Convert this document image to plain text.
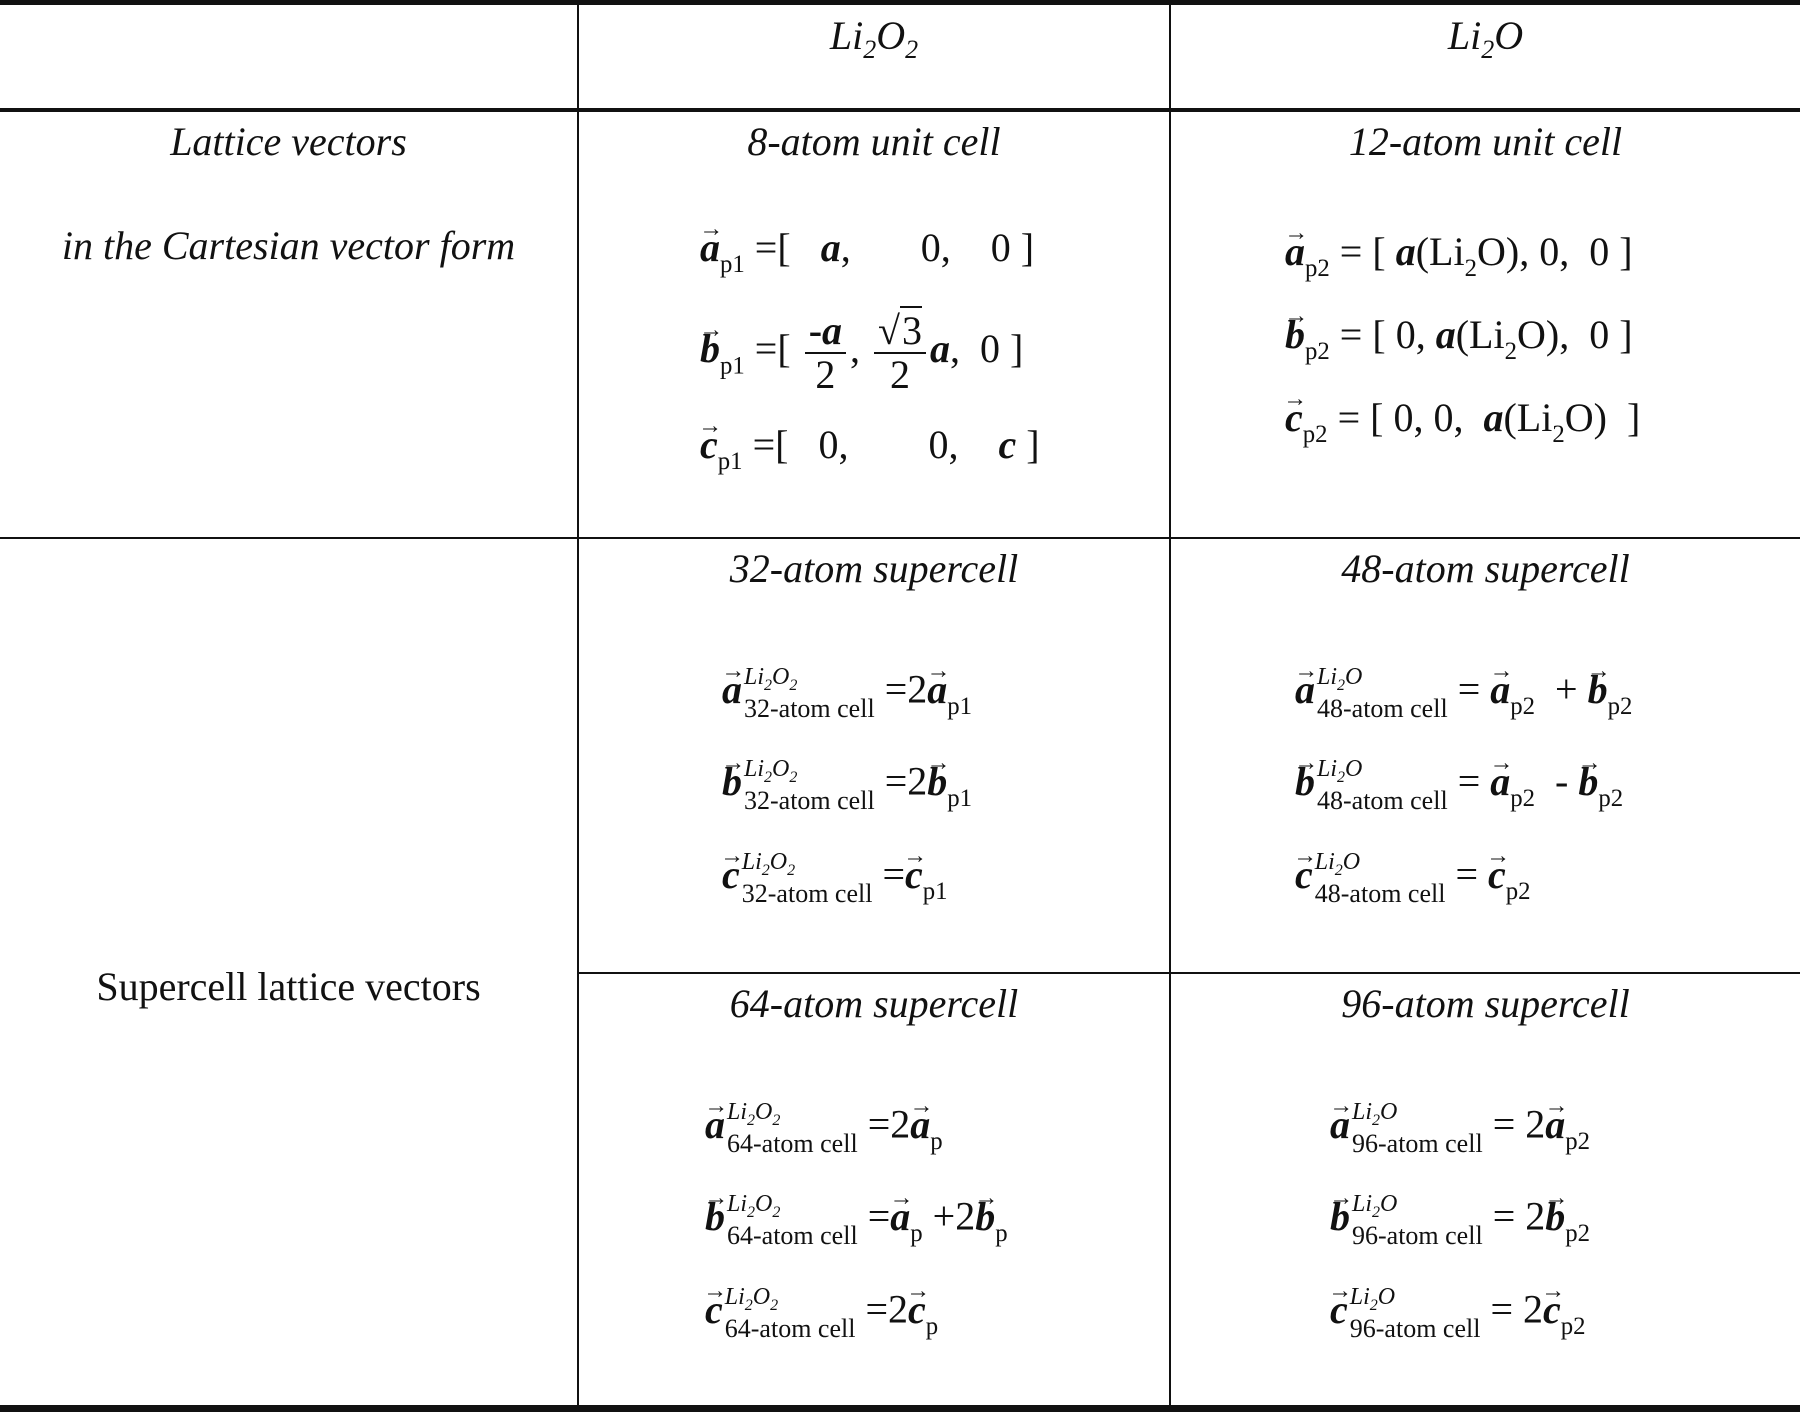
$Li_2O_2$	$Li_2O$
Lattice vectors
in the Cartesian vector form
8-atom unit cell
→ $a_{p1}$ =[ a, 0, 0 ]
→ $b_{p1}$ =[ $\frac{-a}{2}$ , $\frac{√3}{2} a$, 0 ]
→ $c_{p1}$ =[ 0, 0, c ]
12-atom unit cell
→ $a_{p2}$ = [ $a(Li_2O)$, 0, 0 ]
→ $b_{p2}$ = [ 0, $a(Li_2O)$, 0 ]
→ $c_{p2}$ = [ 0, 0, $a(Li_2O)$ ]
Supercell lattice vectors
32-atom supercell
→ a $Li_2O_2$
32-atom cell $=2\to a_{p1}$
→ b $Li_2O_2$
32-atom cell $=2\to b_{p1}$
→ c $Li_2O_2$
32-atom cell =→ $c_{p1}$
48-atom supercell
→ a $Li_2O$
48-atom cell = → $a_{p2}$ + → $b_{p2}$
→ b $Li_2O$
48-atom cell = → $a_{p2}$ - → $b_{p2}$
→ c $Li_2O$
48-atom cell = → $c_{p2}$
64-atom supercell
→ a $Li_2O_2$
64-atom cell $=2\to a_p$
→ b $Li_2O_2$
64-atom cell =→ $a_p +2\to b_p$
→ c $Li_2O_2$
64-atom cell $=2\to c_p$
96-atom supercell
→ a $Li_2O$
96-atom cell = $2\to a_{p2}$
→ b $Li_2O$
96-atom cell = $2\to b_{p2}$
→ c $Li_2O$
96-atom cell = $2\to c_{p2}$
